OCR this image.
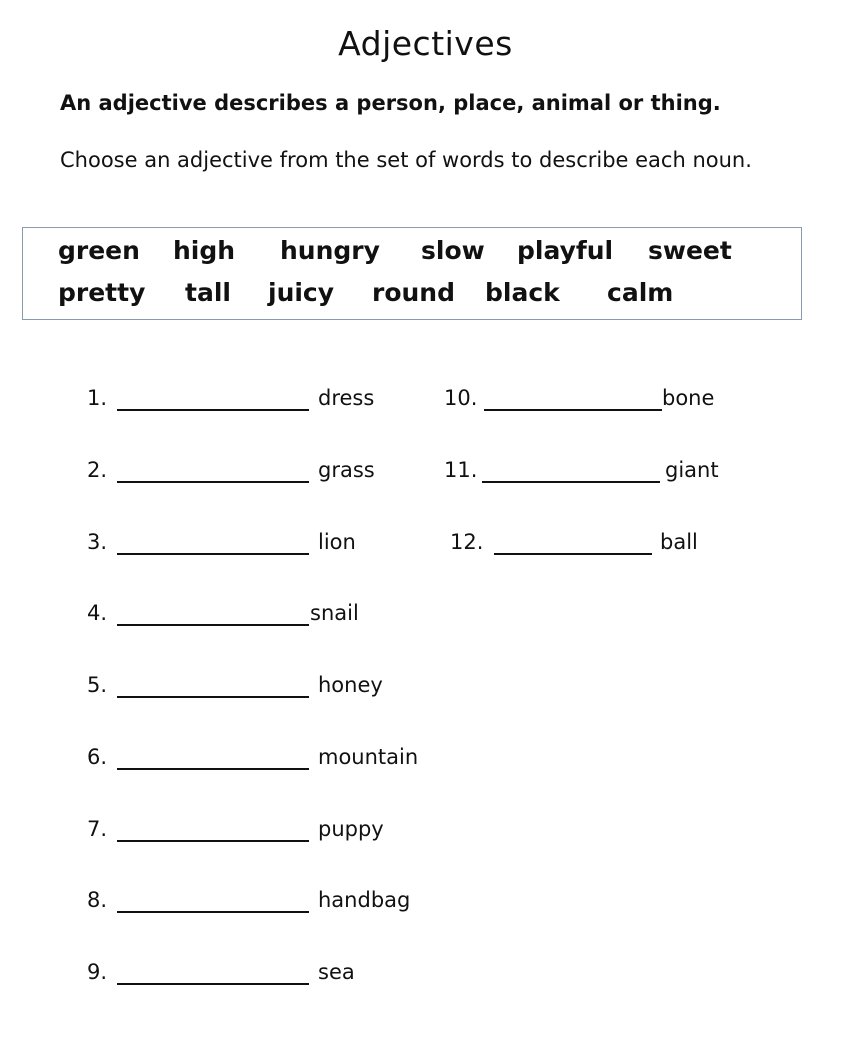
Adjectives
An adjective describes a person, place, animal or thing.
Choose an adjective from the set of words to describe each noun.
green high hungry slow playful sweet
pretty tall juicy round black calm
1.	dress
2.	grass
3.	lion
4.	snail
5.	honey
6.	mountain
7.	puppy
8.	handbag
9.	sea
10.	bone
11.	giant
12.	ball
